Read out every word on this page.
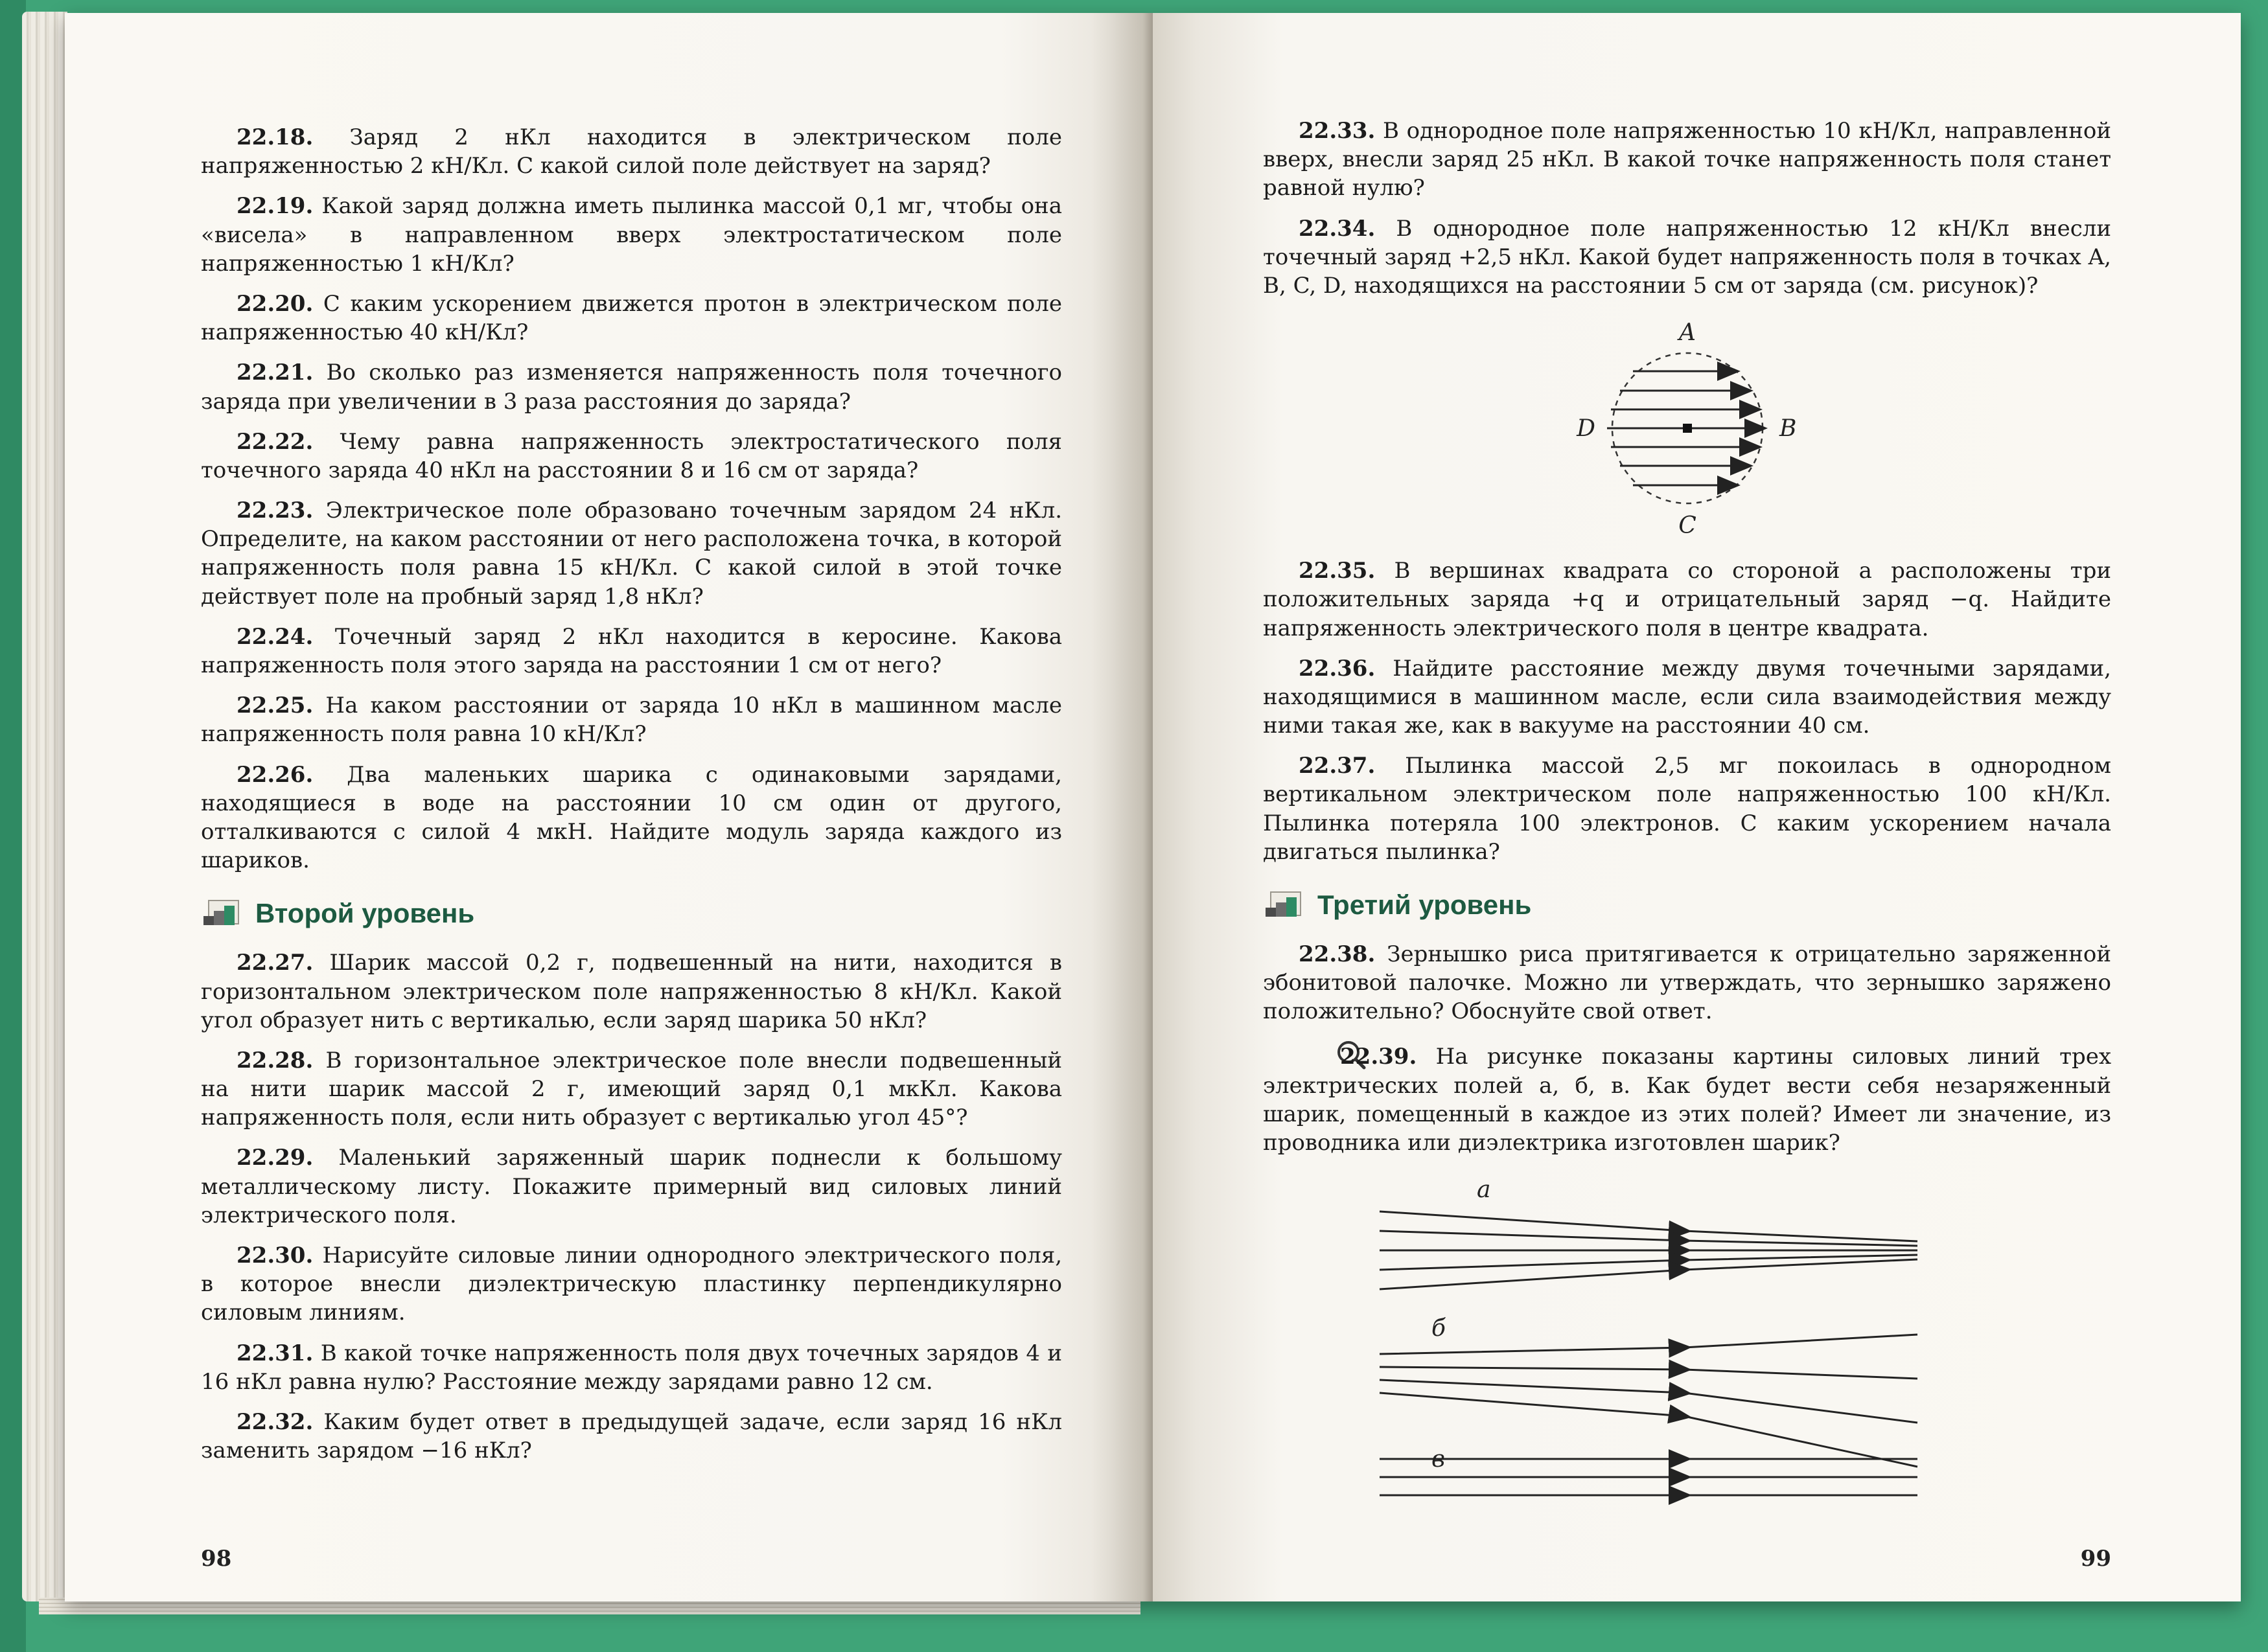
22.18. Заряд 2 нКл находится в электрическом поле напряженностью 2 кН/Кл. С какой силой поле действует на заряд?

22.19. Какой заряд должна иметь пылинка массой 0,1 мг, чтобы она «висела» в направленном вверх электростатическом поле напряженностью 1 кН/Кл?

22.20. С каким ускорением движется протон в электрическом поле напряженностью 40 кН/Кл?

22.21. Во сколько раз изменяется напряженность поля точечного заряда при увеличении в 3 раза расстояния до заряда?

22.22. Чему равна напряженность электростатического поля точечного заряда 40 нКл на расстоянии 8 и 16 см от заряда?

22.23. Электрическое поле образовано точечным зарядом 24 нКл. Определите, на каком расстоянии от него расположена точка, в которой напряженность поля равна 15 кН/Кл. С какой силой в этой точке действует поле на пробный заряд 1,8 нКл?

22.24. Точечный заряд 2 нКл находится в керосине. Какова напряженность поля этого заряда на расстоянии 1 см от него?

22.25. На каком расстоянии от заряда 10 нКл в машинном масле напряженность поля равна 10 кН/Кл?

22.26. Два маленьких шарика с одинаковыми зарядами, находящиеся в воде на расстоянии 10 см один от другого, отталкиваются с силой 4 мкН. Найдите модуль заряда каждого из шариков.

Второй уровень

22.27. Шарик массой 0,2 г, подвешенный на нити, находится в горизонтальном электрическом поле напряженностью 8 кН/Кл. Какой угол образует нить с вертикалью, если заряд шарика 50 нКл?

22.28. В горизонтальное электрическое поле внесли подвешенный на нити шарик массой 2 г, имеющий заряд 0,1 мкКл. Какова напряженность поля, если нить образует с вертикалью угол 45°?

22.29. Маленький заряженный шарик поднесли к большому металлическому листу. Покажите примерный вид силовых линий электрического поля.

22.30. Нарисуйте силовые линии однородного электрического поля, в которое внесли диэлектрическую пластинку перпендикулярно силовым линиям.

22.31. В какой точке напряженность поля двух точечных зарядов 4 и 16 нКл равна нулю? Расстояние между зарядами равно 12 см.

22.32. Каким будет ответ в предыдущей задаче, если заряд 16 нКл заменить зарядом −16 нКл?

98

22.33. В однородное поле напряженностью 10 кН/Кл, направленной вверх, внесли заряд 25 нКл. В какой точке напряженность поля станет равной нулю?

22.34. В однородное поле напряженностью 12 кН/Кл внесли точечный заряд +2,5 нКл. Какой будет напряженность поля в точках A, B, C, D, находящихся на расстоянии 5 см от заряда (см. рисунок)?

A
B
C
D

22.35. В вершинах квадрата со стороной a расположены три положительных заряда +q и отрицательный заряд −q. Найдите напряженность электрического поля в центре квадрата.

22.36. Найдите расстояние между двумя точечными зарядами, находящимися в машинном масле, если сила взаимодействия между ними такая же, как в вакууме на расстоянии 40 см.

22.37. Пылинка массой 2,5 мг покоилась в однородном вертикальном электрическом поле напряженностью 100 кН/Кл. Пылинка потеряла 100 электронов. С каким ускорением начала двигаться пылинка?

Третий уровень

22.38. Зернышко риса притягивается к отрицательно заряженной эбонитовой палочке. Можно ли утверждать, что зернышко заряжено положительно? Обоснуйте свой ответ.

22.39. На рисунке показаны картины силовых линий трех электрических полей а, б, в. Как будет вести себя незаряженный шарик, помещенный в каждое из этих полей? Имеет ли значение, из проводника или диэлектрика изготовлен шарик?

а
б
в
99
